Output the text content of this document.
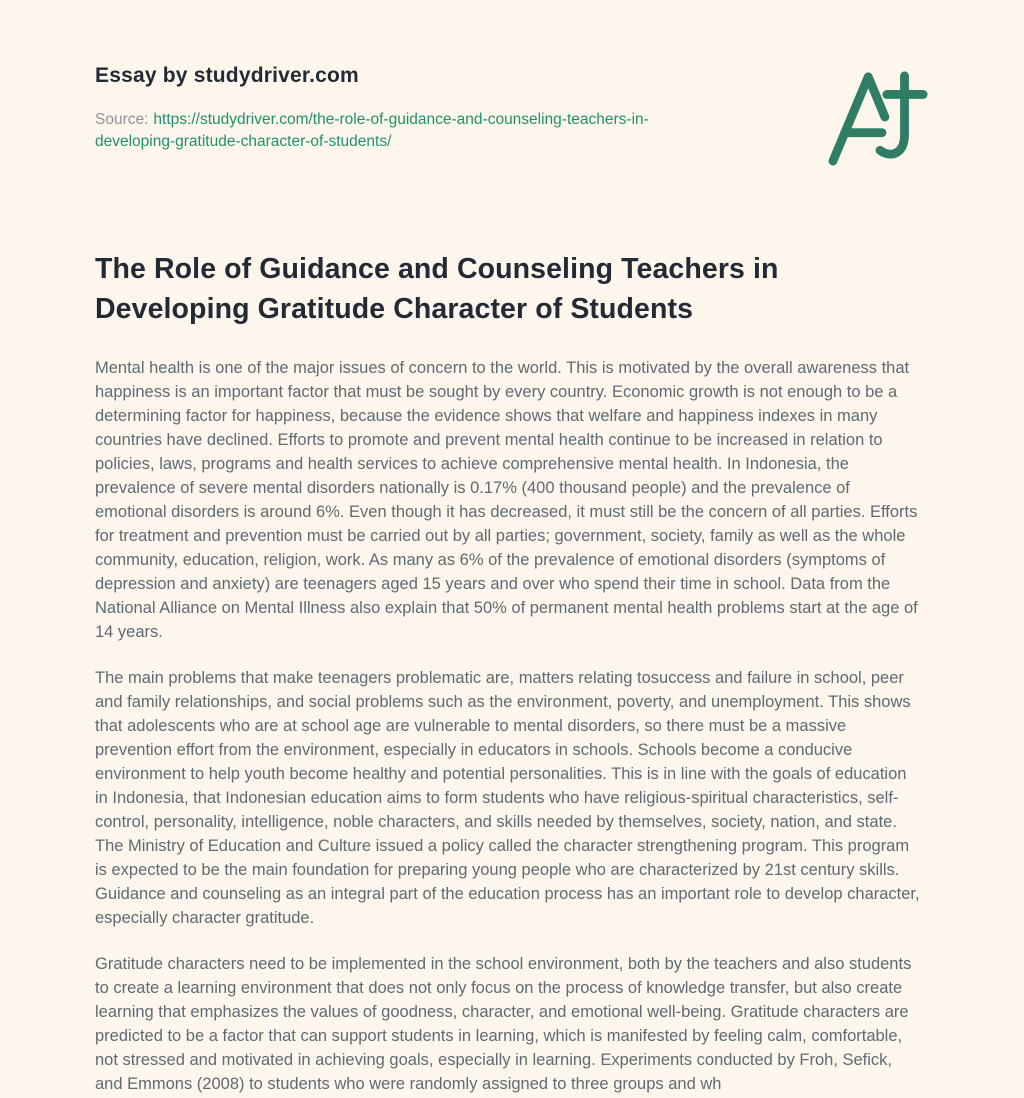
Essay by studydriver.com

Source: https://studydriver.com/the-role-of-guidance-and-counseling-teachers-in-developing-gratitude-character-of-students/

The Role of Guidance and Counseling Teachers in Developing Gratitude Character of Students

Mental health is one of the major issues of concern to the world. This is motivated by the overall awareness that happiness is an important factor that must be sought by every country. Economic growth is not enough to be a determining factor for happiness, because the evidence shows that welfare and happiness indexes in many countries have declined. Efforts to promote and prevent mental health continue to be increased in relation to policies, laws, programs and health services to achieve comprehensive mental health. In Indonesia, the prevalence of severe mental disorders nationally is 0.17% (400 thousand people) and the prevalence of emotional disorders is around 6%. Even though it has decreased, it must still be the concern of all parties. Efforts for treatment and prevention must be carried out by all parties; government, society, family as well as the whole community, education, religion, work. As many as 6% of the prevalence of emotional disorders (symptoms of depression and anxiety) are teenagers aged 15 years and over who spend their time in school. Data from the National Alliance on Mental Illness also explain that 50% of permanent mental health problems start at the age of 14 years.

The main problems that make teenagers problematic are, matters relating tosuccess and failure in school, peer and family relationships, and social problems such as the environment, poverty, and unemployment. This shows that adolescents who are at school age are vulnerable to mental disorders, so there must be a massive prevention effort from the environment, especially in educators in schools. Schools become a conducive environment to help youth become healthy and potential personalities. This is in line with the goals of education in Indonesia, that Indonesian education aims to form students who have religious-spiritual characteristics, self-control, personality, intelligence, noble characters, and skills needed by themselves, society, nation, and state. The Ministry of Education and Culture issued a policy called the character strengthening program. This program is expected to be the main foundation for preparing young people who are characterized by 21st century skills. Guidance and counseling as an integral part of the education process has an important role to develop character, especially character gratitude.

Gratitude characters need to be implemented in the school environment, both by the teachers and also students to create a learning environment that does not only focus on the process of knowledge transfer, but also create learning that emphasizes the values of goodness, character, and emotional well-being. Gratitude characters are predicted to be a factor that can support students in learning, which is manifested by feeling calm, comfortable, not stressed and motivated in achieving goals, especially in learning. Experiments conducted by Froh, Sefick, and Emmons (2008) to students who were randomly assigned to three groups and wh
